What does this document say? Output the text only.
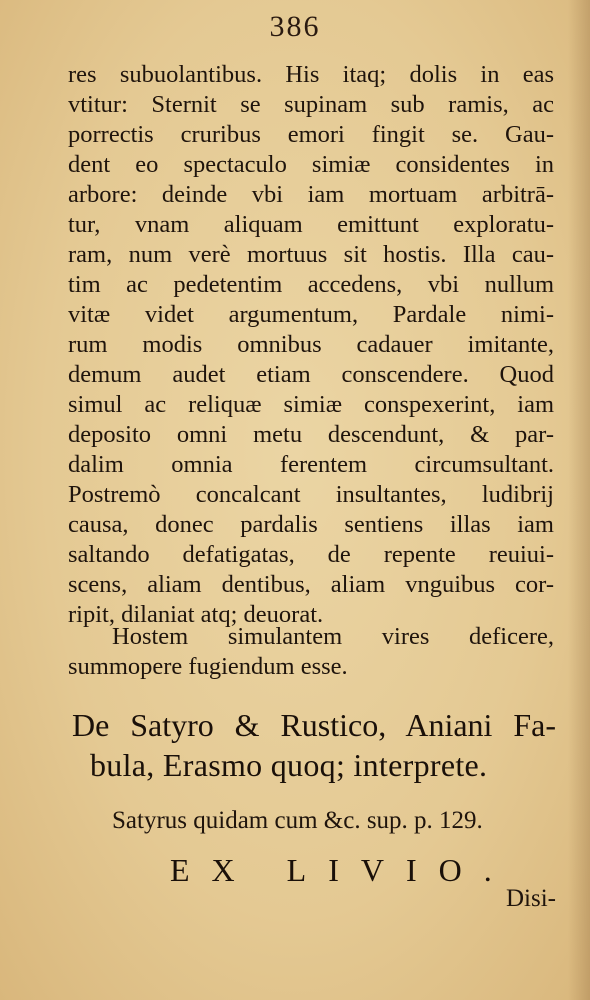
386
res subuolantibus. His itaq; dolis in eas
vtitur: Sternit se supinam sub ramis, ac
porrectis cruribus emori fingit se. Gau-
dent eo spectaculo simiæ considentes in
arbore: deinde vbi iam mortuam arbitrā-
tur, vnam aliquam emittunt exploratu-
ram, num verè mortuus sit hostis. Illa cau-
tim ac pedetentim accedens, vbi nullum
vitæ videt argumentum, Pardale nimi-
rum modis omnibus cadauer imitante,
demum audet etiam conscendere. Quod
simul ac reliquæ simiæ conspexerint, iam
deposito omni metu descendunt, & par-
dalim omnia ferentem circumsultant.
Postremò concalcant insultantes, ludibrij
causa, donec pardalis sentiens illas iam
saltando defatigatas, de repente reuiui-
scens, aliam dentibus, aliam vnguibus cor-
ripit, dilaniat atq; deuorat.
Hostem simulantem vires deficere,
summopere fugiendum esse.
De Satyro & Rustico, Aniani Fa-
bula, Erasmo quoq; interprete.
Satyrus quidam cum &c. sup. p. 129.
EX LIVIO.
Disi-
